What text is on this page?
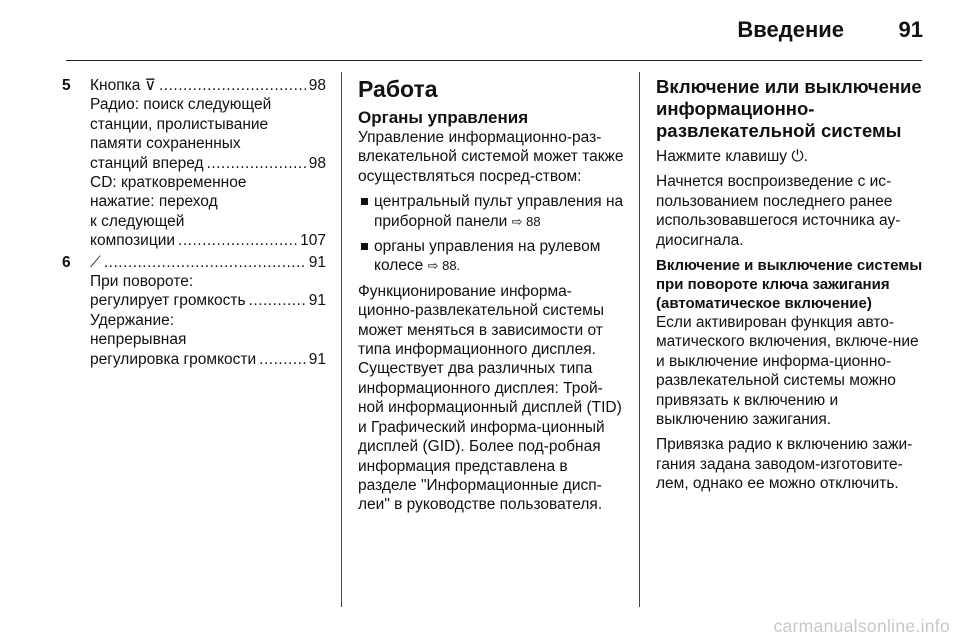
Введение 91
5 Кнопка ⊽ .....	98
Радио: поиск следующей
станции, пролистывание
памяти сохраненных
станций вперед .....	98
CD: кратковременное
нажатие: переход
к следующей
композиции .....	107
6 ⟋ .....	91
При повороте:
регулирует громкость .....	91
Удержание:
непрерывная
регулировка громкости .....	91
Работа
Органы управления

Управление информационно-раз-влекательной системой может также осуществляться посред-ством:

центральный пульт управления на приборной панели ⇨ 88
органы управления на рулевом колесе ⇨ 88.

Функционирование информа-ционно-развлекательной системы может меняться в зависимости от типа информационного дисплея. Существует два различных типа информационного дисплея: Трой-ной информационный дисплей (TID) и Графический информа-ционный дисплей (GID). Более под-робная информация представлена в разделе "Информационные дисп-леи" в руководстве пользователя.

Включение или выключение информационно-развлекательной системы

Нажмите клавишу ⏻.

Начнется воспроизведение с ис-пользованием последнего ранее использовавшегося источника ау-диосигнала.

Включение и выключение системы при повороте ключа зажигания (автоматическое включение)

Если активирован функция авто-матического включения, включе-ние и выключение информа-ционно-развлекательной системы можно привязать к включению и выключению зажигания.

Привязка радио к включению зажи-гания задана заводом-изготовите-лем, однако ее можно отключить.

carmanualsonline.info
